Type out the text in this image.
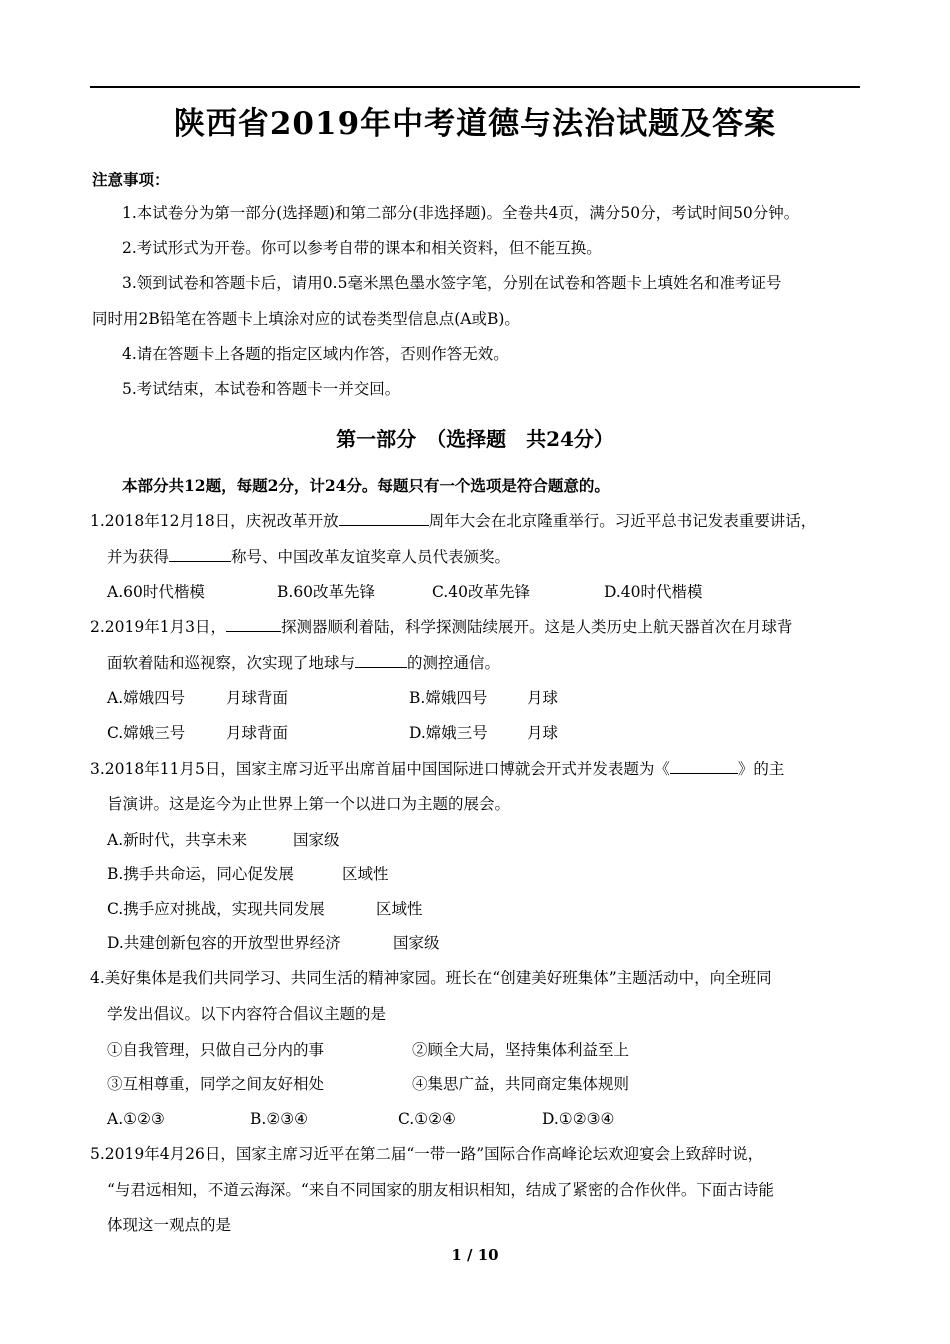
陕西省2019年中考道德与法治试题及答案
注意事项：
1.本试卷分为第一部分(选择题)和第二部分(非选择题)。全卷共4页，满分50分，考试时间50分钟。
2.考试形式为开卷。你可以参考自带的课本和相关资料，但不能互换。
3.领到试卷和答题卡后，请用0.5毫米黑色墨水签字笔，分别在试卷和答题卡上填姓名和准考证号
同时用2B铅笔在答题卡上填涂对应的试卷类型信息点(A或B)。
4.请在答题卡上各题的指定区域内作答，否则作答无效。
5.考试结束，本试卷和答题卡一并交回。
第一部分　（选择题　共24分）
本部分共12题，每题2分，计24分。每题只有一个选项是符合题意的。
1.2018年12月18日，庆祝改革开放	周年大会在北京隆重举行。习近平总书记发表重要讲话，
并为获得	称号、中国改革友谊奖章人员代表颁奖。
A.60时代楷模	B.60改革先锋	C.40改革先锋	D.40时代楷模
2.2019年1月3日，	探测器顺利着陆，科学探测陆续展开。这是人类历史上航天器首次在月球背
面软着陆和巡视察，次实现了地球与	的测控通信。
A.嫦娥四号	月球背面	B.嫦娥四号	月球
C.嫦娥三号	月球背面	D.嫦娥三号	月球
3.2018年11月5日，国家主席习近平出席首届中国国际进口博就会开式并发表题为《	》的主
旨演讲。这是迄今为止世界上第一个以进口为主题的展会。
A.新时代，共享未来	国家级
B.携手共命运，同心促发展	区域性
C.携手应对挑战，实现共同发展	区域性
D.共建创新包容的开放型世界经济	国家级
4.美好集体是我们共同学习、共同生活的精神家园。班长在“创建美好班集体”主题活动中，向全班同
学发出倡议。以下内容符合倡议主题的是
①自我管理，只做自己分内的事	②顾全大局，坚持集体利益至上
③互相尊重，同学之间友好相处	④集思广益，共同商定集体规则
A.①②③	B.②③④	C.①②④	D.①②③④
5.2019年4月26日，国家主席习近平在第二届“一带一路”国际合作高峰论坛欢迎宴会上致辞时说，
“与君远相知，不道云海深。“来自不同国家的朋友相识相知，结成了紧密的合作伙伴。下面古诗能
体现这一观点的是
1 / 10
